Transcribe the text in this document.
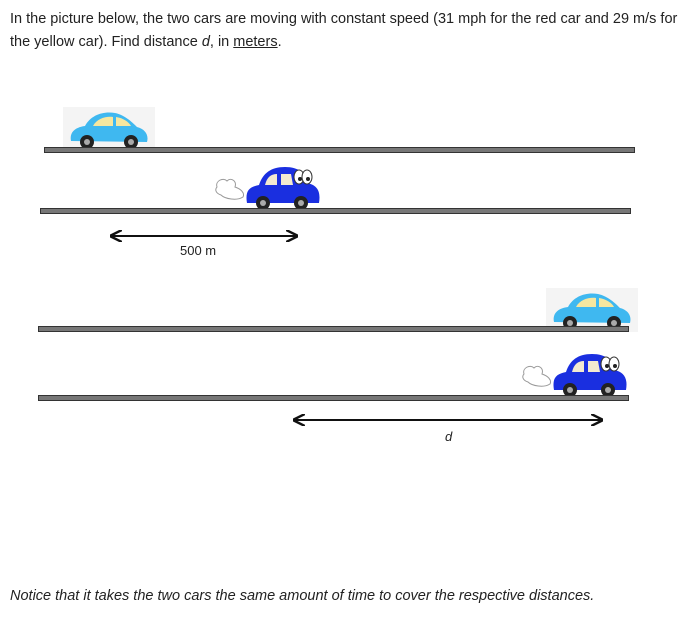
In the picture below, the two cars are moving with constant speed (31 mph for the red car and 29 m/s for the yellow car). Find distance d, in meters.
500 m
d
Notice that it takes the two cars the same amount of time to cover the respective distances.
